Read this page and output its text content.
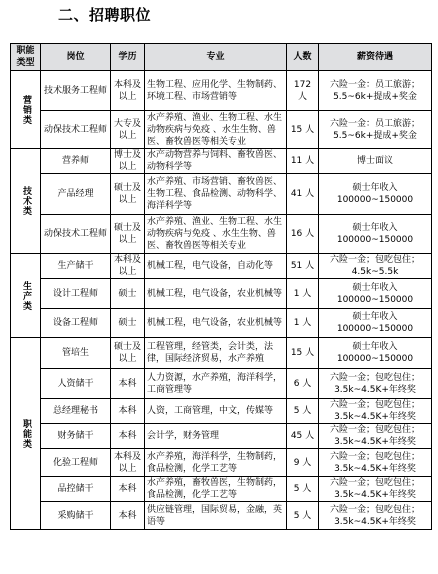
二、招聘职位
职能类型	岗位	学历	专业	人数	薪资待遇
营销类	技术服务工程师	本科及以上	生物工程、应用化学、生物制药、环境工程、市场营销等	172 人	六险一金：员工旅游；5.5~6k+提成+奖金
	动保技术工程师	大专及以上	水产养殖、渔业、生物工程、水生动物疾病与免疫 、水生生物、兽医、畜牧兽医等相关专业	15 人	六险一金：员工旅游；5.5~6k+提成+奖金
技术类	营养师	博士及以上	水产动物营养与饲料、畜牧兽医、动物科学等	11 人	博士面议
	产品经理	硕士及以上	水产养殖、市场营销、畜牧兽医、生物工程、食品检测、动物科学、海洋科学等	41 人	硕士年收入 100000~150000
	动保技术工程师	硕士及以上	水产养殖、渔业、生物工程、水生动物疾病与免疫 、水生生物、兽医、畜牧兽医等相关专业	16 人	硕士年收入 100000~150000
生产类	生产储干	本科及以上	机械工程，电气设备，自动化等	51 人	六险一金；包吃包住；4.5k~5.5k
	设计工程师	硕士	机械工程，电气设备，农业机械等	1 人	硕士年收入 100000~150000
	设备工程师	硕士	机械工程，电气设备，农业机械等	1 人	硕士年收入 100000~150000
职能类	管培生	硕士及以上	工程管理，经管类，会计类，法律，国际经济贸易，水产养殖	15 人	硕士年收入 100000~150000
	人资储干	本科	人力资源，水产养殖，海洋科学，工商管理等	6 人	六险一金；包吃包住；3.5k~4.5K+年终奖
	总经理秘书	本科	人资，工商管理，中文，传媒等	5 人	六险一金；包吃包住；3.5k~4.5K+年终奖
	财务储干	本科	会计学，财务管理	45 人	六险一金；包吃包住；3.5k~4.5K+年终奖
	化验工程师	本科及以上	水产养殖，海洋科学，生物制药，食品检测，化学工艺等	9 人	六险一金；包吃包住；3.5k~4.5K+年终奖
	品控储干	本科	水产养殖，畜牧兽医，生物制药，食品检测，化学工艺等	5 人	六险一金；包吃包住；3.5k~4.5K+年终奖
	采购储干	本科	供应链管理，国际贸易，金融，英语等	5 人	六险一金；包吃包住；3.5k~4.5K+年终奖
